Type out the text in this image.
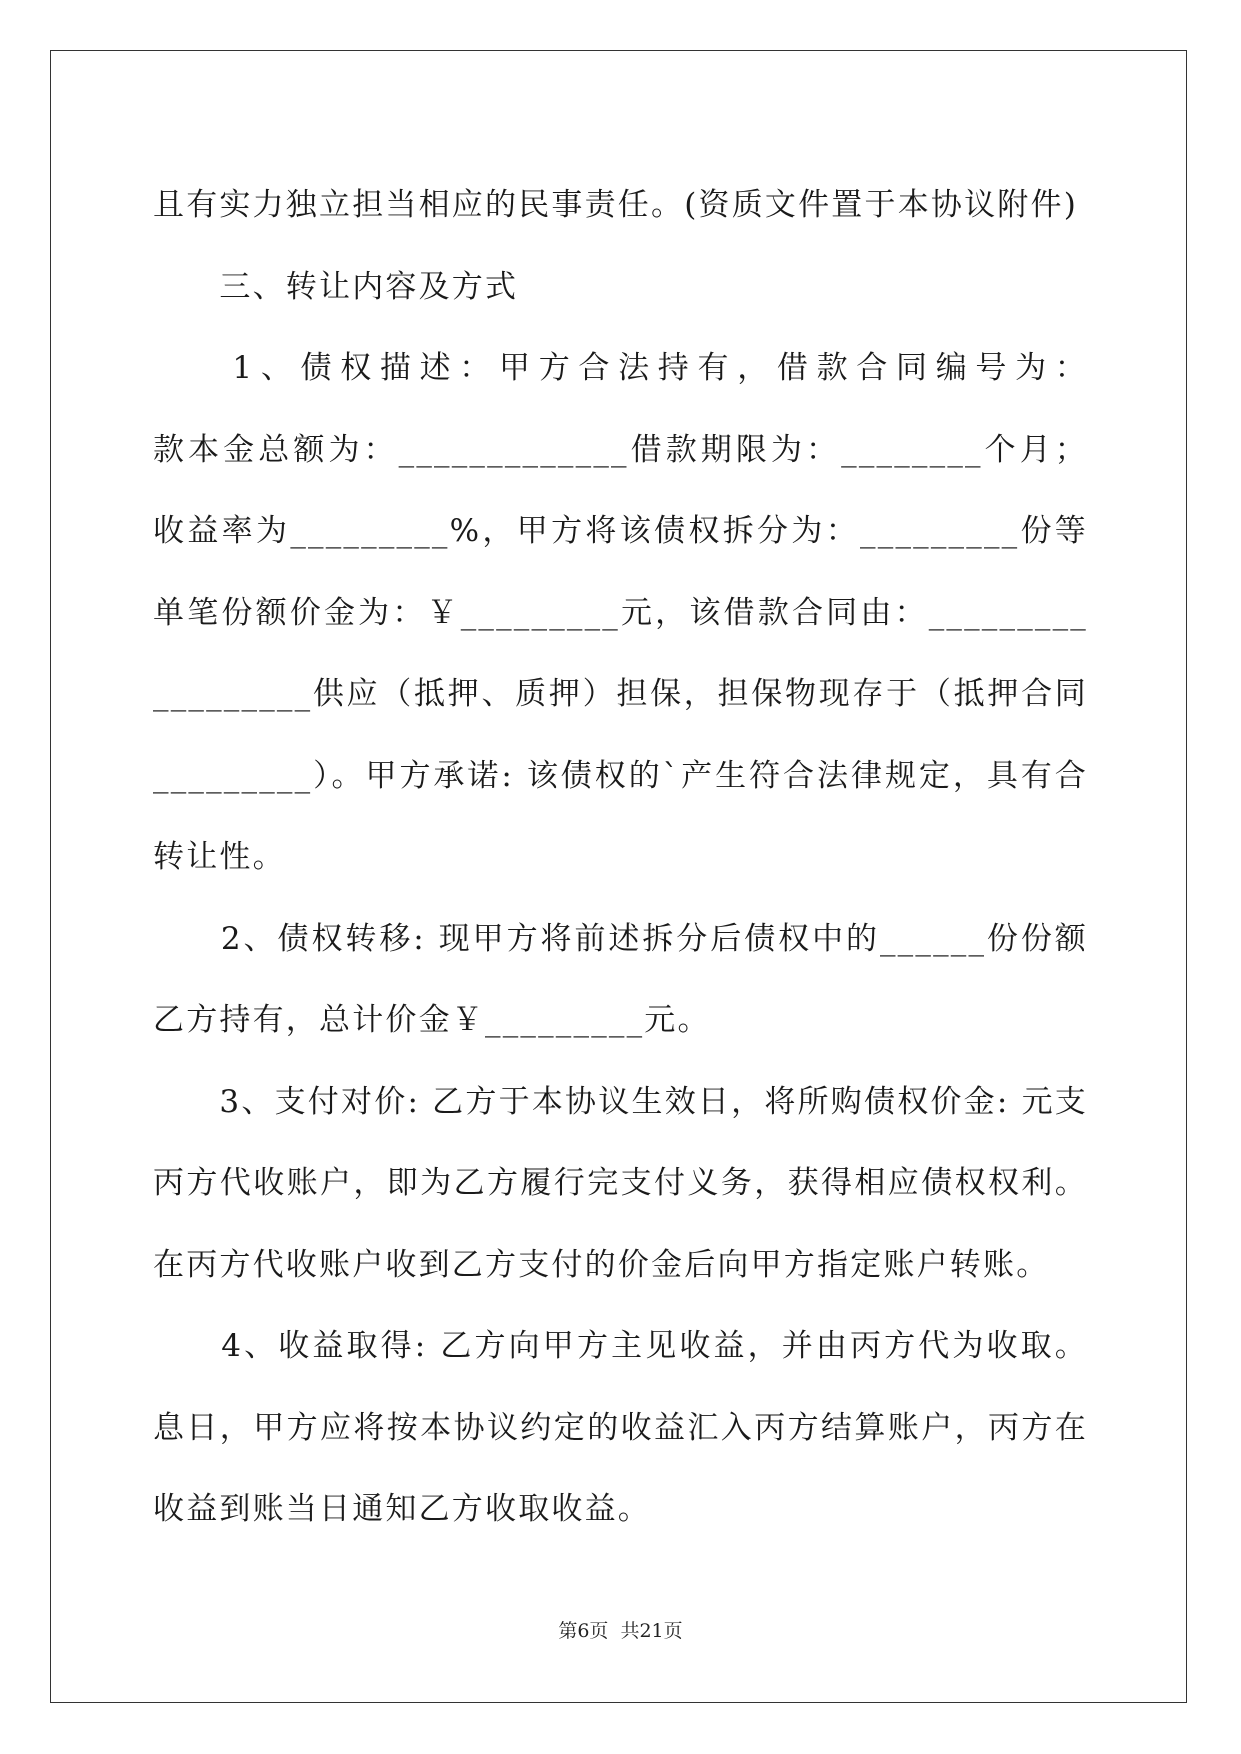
且有实力独立担当相应的民事责任。(资质文件置于本协议附件)
　　三、转让内容及方式
　　1、债权描述：甲方合法持有，借款合同编号为：
款本金总额为：_____________借款期限为：________个月；
收益率为_________%，甲方将该债权拆分为：_________份等
单笔份额价金为：￥_________元，该借款合同由：_________
_________供应（抵押、质押）担保，担保物现存于（抵押合同
_________）。甲方承诺: 该债权的`产生符合法律规定，具有合
转让性。
　　2、债权转移: 现甲方将前述拆分后债权中的______份份额
乙方持有，总计价金￥_________元。
　　3、支付对价: 乙方于本协议生效日，将所购债权价金: 元支
丙方代收账户，即为乙方履行完支付义务，获得相应债权权利。
在丙方代收账户收到乙方支付的价金后向甲方指定账户转账。
　　4、收益取得: 乙方向甲方主见收益，并由丙方代为收取。
息日，甲方应将按本协议约定的收益汇入丙方结算账户，丙方在
收益到账当日通知乙方收取收益。
第6页 共21页
